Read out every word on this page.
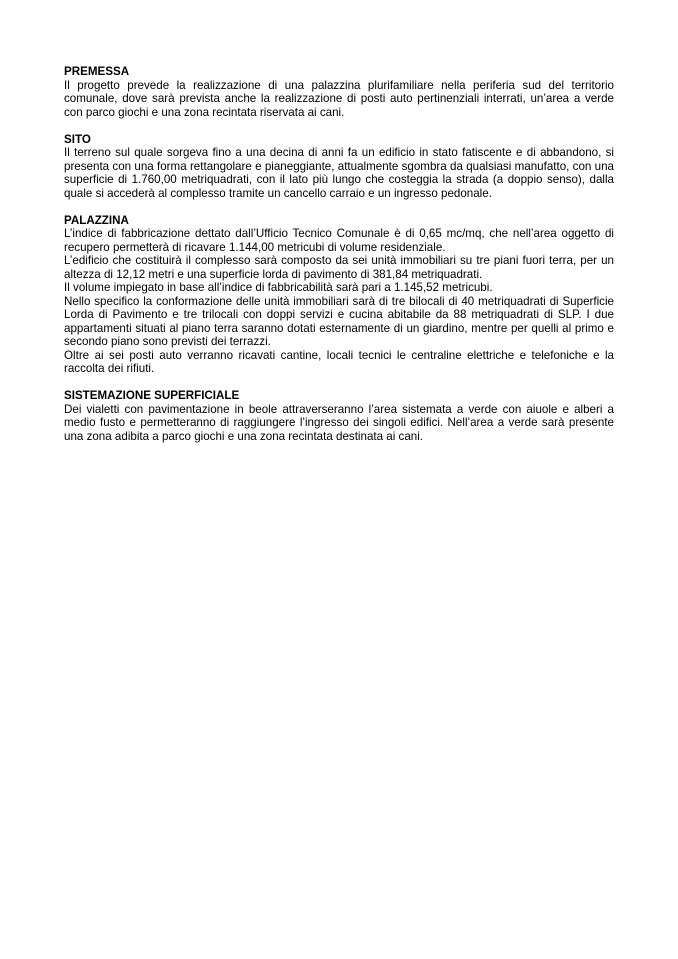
PREMESSA

Il progetto prevede la realizzazione di una palazzina plurifamiliare nella periferia sud del territorio comunale, dove sarà prevista anche la realizzazione di posti auto pertinenziali interrati, un’area a verde con parco giochi e una zona recintata riservata ai cani.

SITO

Il terreno sul quale sorgeva fino a una decina di anni fa un edificio in stato fatiscente e di abbandono, si presenta con una forma rettangolare e pianeggiante, attualmente sgombra da qualsiasi manufatto, con una superficie di 1.760,00 metriquadrati, con il lato più lungo che costeggia la strada (a doppio senso), dalla quale si accederà al complesso tramite un cancello carraio e un ingresso pedonale.

PALAZZINA

L’indice di fabbricazione dettato dall’Ufficio Tecnico Comunale è di 0,65 mc/mq, che nell’area oggetto di recupero permetterà di ricavare 1.144,00 metricubi di volume residenziale.

L’edificio che costituirà il complesso sarà composto da sei unità immobiliari su tre piani fuori terra, per un altezza di 12,12 metri e una superficie lorda di pavimento di 381,84 metriquadrati.

Il volume impiegato in base all’indice di fabbricabilità sarà pari a 1.145,52 metricubi.

Nello specifico la conformazione delle unità immobiliari sarà di tre bilocali di 40 metriquadrati di Superficie Lorda di Pavimento e tre trilocali con doppi servizi e cucina abitabile da 88 metriquadrati di SLP. I due appartamenti situati al piano terra saranno dotati esternamente di un giardino, mentre per quelli al primo e secondo piano sono previsti dei terrazzi.

Oltre ai sei posti auto verranno ricavati cantine, locali tecnici le centraline elettriche e telefoniche e la raccolta dei rifiuti.

SISTEMAZIONE SUPERFICIALE

Dei vialetti con pavimentazione in beole attraverseranno l’area sistemata a verde con aiuole e alberi a medio fusto e permetteranno di raggiungere l’ingresso dei singoli edifici. Nell’area a verde sarà presente una zona adibita a parco giochi e una zona recintata destinata ai cani.
